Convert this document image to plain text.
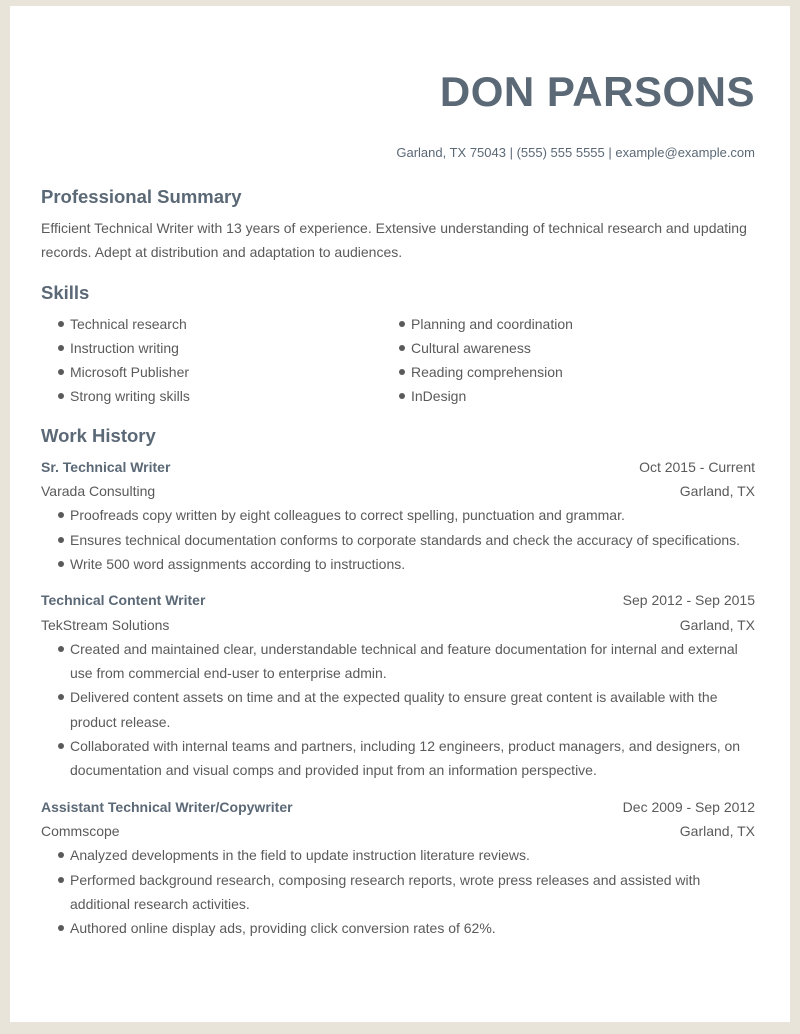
DON PARSONS
Garland, TX 75043 | (555) 555 5555 | example@example.com
Professional Summary

Efficient Technical Writer with 13 years of experience. Extensive understanding of technical research and updating records. Adept at distribution and adaptation to audiences.

Skills
Technical research
Instruction writing
Microsoft Publisher
Strong writing skills
Planning and coordination
Cultural awareness
Reading comprehension
InDesign
Work History
Sr. Technical Writer	Oct 2015 - Current
Varada Consulting	Garland, TX
Proofreads copy written by eight colleagues to correct spelling, punctuation and grammar.
Ensures technical documentation conforms to corporate standards and check the accuracy of specifications.
Write 500 word assignments according to instructions.
Technical Content Writer	Sep 2012 - Sep 2015
TekStream Solutions	Garland, TX
Created and maintained clear, understandable technical and feature documentation for internal and external use from commercial end-user to enterprise admin.
Delivered content assets on time and at the expected quality to ensure great content is available with the product release.
Collaborated with internal teams and partners, including 12 engineers, product managers, and designers, on documentation and visual comps and provided input from an information perspective.
Assistant Technical Writer/Copywriter	Dec 2009 - Sep 2012
Commscope	Garland, TX
Analyzed developments in the field to update instruction literature reviews.
Performed background research, composing research reports, wrote press releases and assisted with additional research activities.
Authored online display ads, providing click conversion rates of 62%.
